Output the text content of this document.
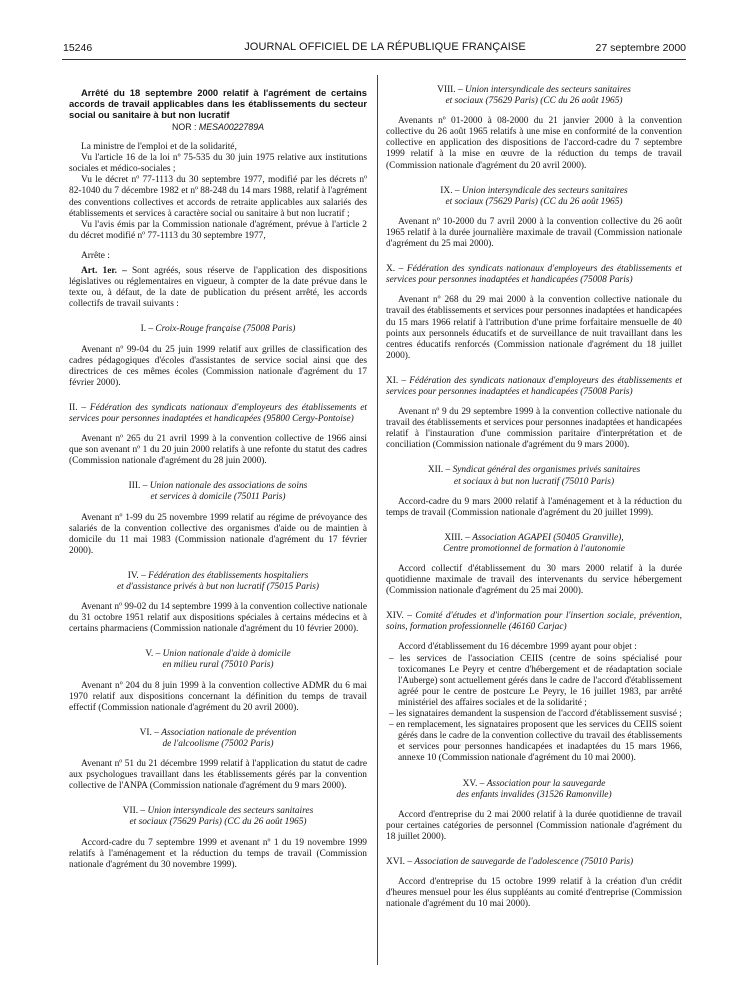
15246	JOURNAL OFFICIEL DE LA RÉPUBLIQUE FRANÇAISE	27 septembre 2000

Arrêté du 18 septembre 2000 relatif à l'agrément de certains accords de travail applicables dans les établissements du secteur social ou sanitaire à but non lucratif

NOR : MESA0022789A

La ministre de l'emploi et de la solidarité,

Vu l'article 16 de la loi nº 75-535 du 30 juin 1975 relative aux institutions sociales et médico-sociales ;

Vu le décret nº 77-1113 du 30 septembre 1977, modifié par les décrets nº 82-1040 du 7 décembre 1982 et nº 88-248 du 14 mars 1988, relatif à l'agrément des conventions collectives et accords de retraite applicables aux salariés des établissements et services à caractère social ou sanitaire à but non lucratif ;

Vu l'avis émis par la Commission nationale d'agrément, prévue à l'article 2 du décret modifié nº 77-1113 du 30 septembre 1977,

Arrête :

Art. 1er. – Sont agréés, sous réserve de l'application des dispositions législatives ou réglementaires en vigueur, à compter de la date prévue dans le texte ou, à défaut, de la date de publication du présent arrêté, les accords collectifs de travail suivants :

I. – Croix-Rouge française (75008 Paris)

Avenant nº 99-04 du 25 juin 1999 relatif aux grilles de classification des cadres pédagogiques d'écoles d'assistantes de service social ainsi que des directrices de ces mêmes écoles (Commission nationale d'agrément du 17 février 2000).

II. – Fédération des syndicats nationaux d'employeurs des établissements et services pour personnes inadaptées et handicapées (95800 Cergy-Pontoise)

Avenant nº 265 du 21 avril 1999 à la convention collective de 1966 ainsi que son avenant nº 1 du 20 juin 2000 relatifs à une refonte du statut des cadres (Commission nationale d'agrément du 28 juin 2000).

III. – Union nationale des associations de soins
et services à domicile (75011 Paris)

Avenant nº 1-99 du 25 novembre 1999 relatif au régime de prévoyance des salariés de la convention collective des organismes d'aide ou de maintien à domicile du 11 mai 1983 (Commission nationale d'agrément du 17 février 2000).

IV. – Fédération des établissements hospitaliers
et d'assistance privés à but non lucratif (75015 Paris)

Avenant nº 99-02 du 14 septembre 1999 à la convention collective nationale du 31 octobre 1951 relatif aux dispositions spéciales à certains médecins et à certains pharmaciens (Commission nationale d'agrément du 10 février 2000).

V. – Union nationale d'aide à domicile
en milieu rural (75010 Paris)

Avenant nº 204 du 8 juin 1999 à la convention collective ADMR du 6 mai 1970 relatif aux dispositions concernant la définition du temps de travail effectif (Commission nationale d'agrément du 20 avril 2000).

VI. – Association nationale de prévention
de l'alcoolisme (75002 Paris)

Avenant nº 51 du 21 décembre 1999 relatif à l'application du statut de cadre aux psychologues travaillant dans les établissements gérés par la convention collective de l'ANPA (Commission nationale d'agrément du 9 mars 2000).

VII. – Union intersyndicale des secteurs sanitaires
et sociaux (75629 Paris) (CC du 26 août 1965)

Accord-cadre du 7 septembre 1999 et avenant nº 1 du 19 novembre 1999 relatifs à l'aménagement et la réduction du temps de travail (Commission nationale d'agrément du 30 novembre 1999).

VIII. – Union intersyndicale des secteurs sanitaires
et sociaux (75629 Paris) (CC du 26 août 1965)

Avenants nº 01-2000 à 08-2000 du 21 janvier 2000 à la convention collective du 26 août 1965 relatifs à une mise en conformité de la convention collective en application des dispositions de l'accord-cadre du 7 septembre 1999 relatif à la mise en œuvre de la réduction du temps de travail (Commission nationale d'agrément du 20 avril 2000).

IX. – Union intersyndicale des secteurs sanitaires
et sociaux (75629 Paris) (CC du 26 août 1965)

Avenant nº 10-2000 du 7 avril 2000 à la convention collective du 26 août 1965 relatif à la durée journalière maximale de travail (Commission nationale d'agrément du 25 mai 2000).

X. – Fédération des syndicats nationaux d'employeurs des établissements et services pour personnes inadaptées et handicapées (75008 Paris)

Avenant nº 268 du 29 mai 2000 à la convention collective nationale du travail des établissements et services pour personnes inadaptées et handicapées du 15 mars 1966 relatif à l'attribution d'une prime forfaitaire mensuelle de 40 points aux personnels éducatifs et de surveillance de nuit travaillant dans les centres éducatifs renforcés (Commission nationale d'agrément du 18 juillet 2000).

XI. – Fédération des syndicats nationaux d'employeurs des établissements et services pour personnes inadaptées et handicapées (75008 Paris)

Avenant nº 9 du 29 septembre 1999 à la convention collective nationale du travail des établissements et services pour personnes inadaptées et handicapées relatif à l'instauration d'une commission paritaire d'interprétation et de conciliation (Commission nationale d'agrément du 9 mars 2000).

XII. – Syndicat général des organismes privés sanitaires
et sociaux à but non lucratif (75010 Paris)

Accord-cadre du 9 mars 2000 relatif à l'aménagement et à la réduction du temps de travail (Commission nationale d'agrément du 20 juillet 1999).

XIII. – Association AGAPEI (50405 Granville),
Centre promotionnel de formation à l'autonomie

Accord collectif d'établissement du 30 mars 2000 relatif à la durée quotidienne maximale de travail des intervenants du service hébergement (Commission nationale d'agrément du 25 mai 2000).

XIV. – Comité d'études et d'information pour l'insertion sociale, prévention, soins, formation professionnelle (46160 Carjac)

Accord d'établissement du 16 décembre 1999 ayant pour objet :

– les services de l'association CEIIS (centre de soins spécialisé pour toxicomanes Le Peyry et centre d'hébergement et de réadaptation sociale l'Auberge) sont actuellement gérés dans le cadre de l'accord d'établissement agréé pour le centre de postcure Le Peyry, le 16 juillet 1983, par arrêté ministériel des affaires sociales et de la solidarité ;

– les signataires demandent la suspension de l'accord d'établissement susvisé ;

– en remplacement, les signataires proposent que les services du CEIIS soient gérés dans le cadre de la convention collective du travail des établissements et services pour personnes handicapées et inadaptées du 15 mars 1966, annexe 10 (Commission nationale d'agrément du 10 mai 2000).

XV. – Association pour la sauvegarde
des enfants invalides (31526 Ramonville)

Accord d'entreprise du 2 mai 2000 relatif à la durée quotidienne de travail pour certaines catégories de personnel (Commission nationale d'agrément du 18 juillet 2000).

XVI. – Association de sauvegarde de l'adolescence (75010 Paris)

Accord d'entreprise du 15 octobre 1999 relatif à la création d'un crédit d'heures mensuel pour les élus suppléants au comité d'entreprise (Commission nationale d'agrément du 10 mai 2000).
